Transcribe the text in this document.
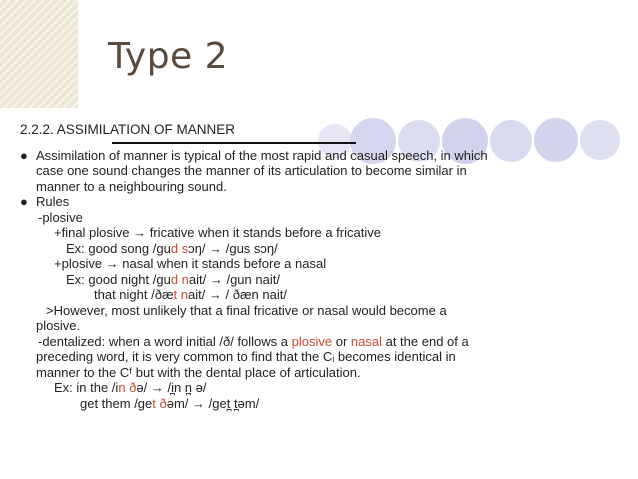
Type 2
2.2.2. ASSIMILATION OF MANNER
● Assimilation of manner is typical of the most rapid and casual speech, in which
case one sound changes the manner of its articulation to become similar in
manner to a neighbouring sound.
● Rules
-plosive
+final plosive → fricative when it stands before a fricative
Ex: good song /gud sɔŋ/ → /gus sɔŋ/
+plosive → nasal when it stands before a nasal
Ex: good night /gud nait/ → /gun nait/
that night /ðæt nait/ → / ðæn nait/
>However, most unlikely that a final fricative or nasal would become a
plosive.
-dentalized: when a word initial /ð/ follows a plosive or nasal at the end of a
preceding word, it is very common to find that the Cᵢ becomes identical in
manner to the Cᶠ but with the dental place of articulation.
Ex: in the /in ðə/ → /i̪n n̪ ə/
get them /get ðəm/ → /get̪ t̪əm/
